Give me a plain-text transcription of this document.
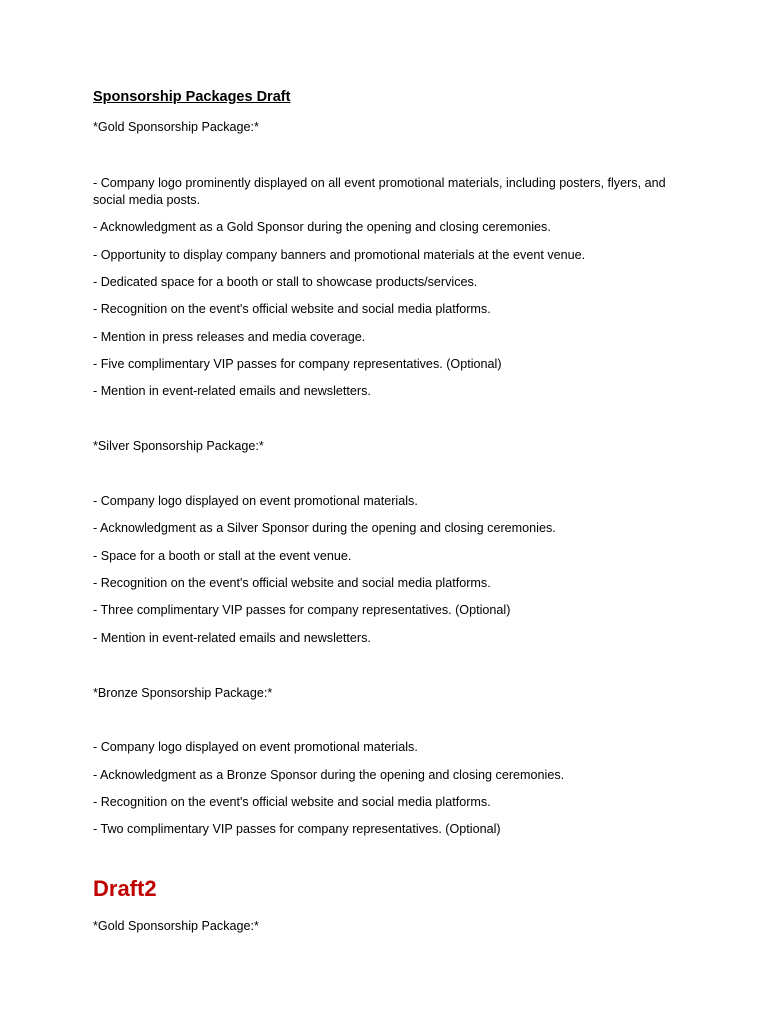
Sponsorship Packages Draft
*Gold Sponsorship Package:*
- Company logo prominently displayed on all event promotional materials, including posters, flyers, and social media posts.
- Acknowledgment as a Gold Sponsor during the opening and closing ceremonies.
- Opportunity to display company banners and promotional materials at the event venue.
- Dedicated space for a booth or stall to showcase products/services.
- Recognition on the event's official website and social media platforms.
- Mention in press releases and media coverage.
- Five complimentary VIP passes for company representatives. (Optional)
- Mention in event-related emails and newsletters.
*Silver Sponsorship Package:*
- Company logo displayed on event promotional materials.
- Acknowledgment as a Silver Sponsor during the opening and closing ceremonies.
- Space for a booth or stall at the event venue.
- Recognition on the event's official website and social media platforms.
- Three complimentary VIP passes for company representatives. (Optional)
- Mention in event-related emails and newsletters.
*Bronze Sponsorship Package:*
- Company logo displayed on event promotional materials.
- Acknowledgment as a Bronze Sponsor during the opening and closing ceremonies.
- Recognition on the event's official website and social media platforms.
- Two complimentary VIP passes for company representatives. (Optional)
Draft2
*Gold Sponsorship Package:*
